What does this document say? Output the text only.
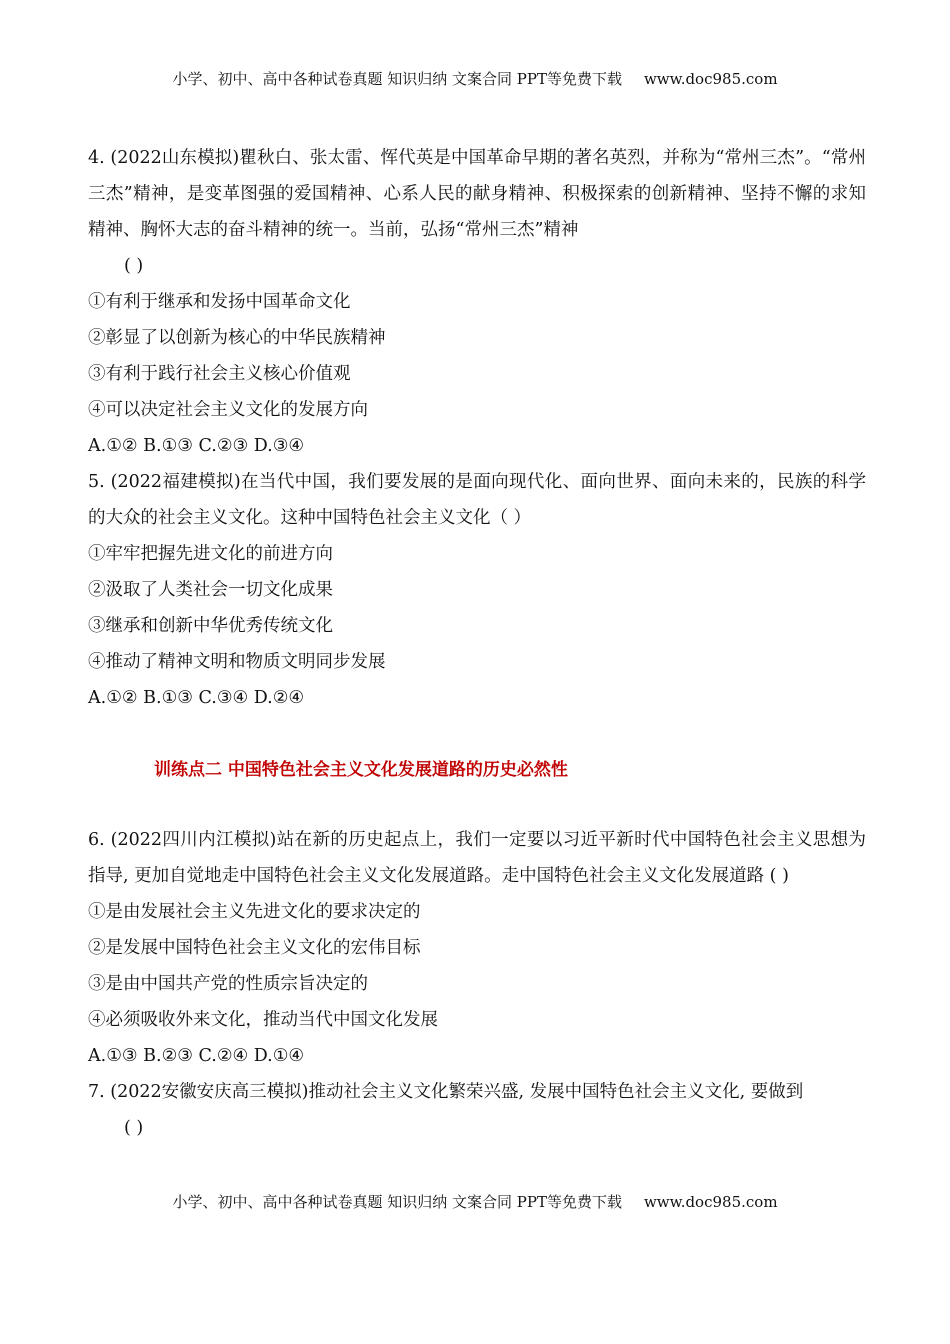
小学、初中、高中各种试卷真题 知识归纳 文案合同 PPT等免费下载 www.doc985.com
4. (2022山东模拟)瞿秋白、张太雷、恽代英是中国革命早期的著名英烈，并称为“常州三杰”。“常州三杰”精神，是变革图强的爱国精神、心系人民的献身精神、积极探索的创新精神、坚持不懈的求知精神、胸怀大志的奋斗精神的统一。当前，弘扬“常州三杰”精神
( )
①有利于继承和发扬中国革命文化
②彰显了以创新为核心的中华民族精神
③有利于践行社会主义核心价值观
④可以决定社会主义文化的发展方向
A.①② B.①③ C.②③ D.③④
5. (2022福建模拟)在当代中国，我们要发展的是面向现代化、面向世界、面向未来的，民族的科学的大众的社会主义文化。这种中国特色社会主义文化（ ）
①牢牢把握先进文化的前进方向
②汲取了人类社会一切文化成果
③继承和创新中华优秀传统文化
④推动了精神文明和物质文明同步发展
A.①② B.①③ C.③④ D.②④
训练点二 中国特色社会主义文化发展道路的历史必然性
6. (2022四川内江模拟)站在新的历史起点上，我们一定要以习近平新时代中国特色社会主义思想为指导, 更加自觉地走中国特色社会主义文化发展道路。走中国特色社会主义文化发展道路 ( )
①是由发展社会主义先进文化的要求决定的
②是发展中国特色社会主义文化的宏伟目标
③是由中国共产党的性质宗旨决定的
④必须吸收外来文化，推动当代中国文化发展
A.①③ B.②③ C.②④ D.①④
7. (2022安徽安庆高三模拟)推动社会主义文化繁荣兴盛, 发展中国特色社会主义文化, 要做到
( )
小学、初中、高中各种试卷真题 知识归纳 文案合同 PPT等免费下载 www.doc985.com
